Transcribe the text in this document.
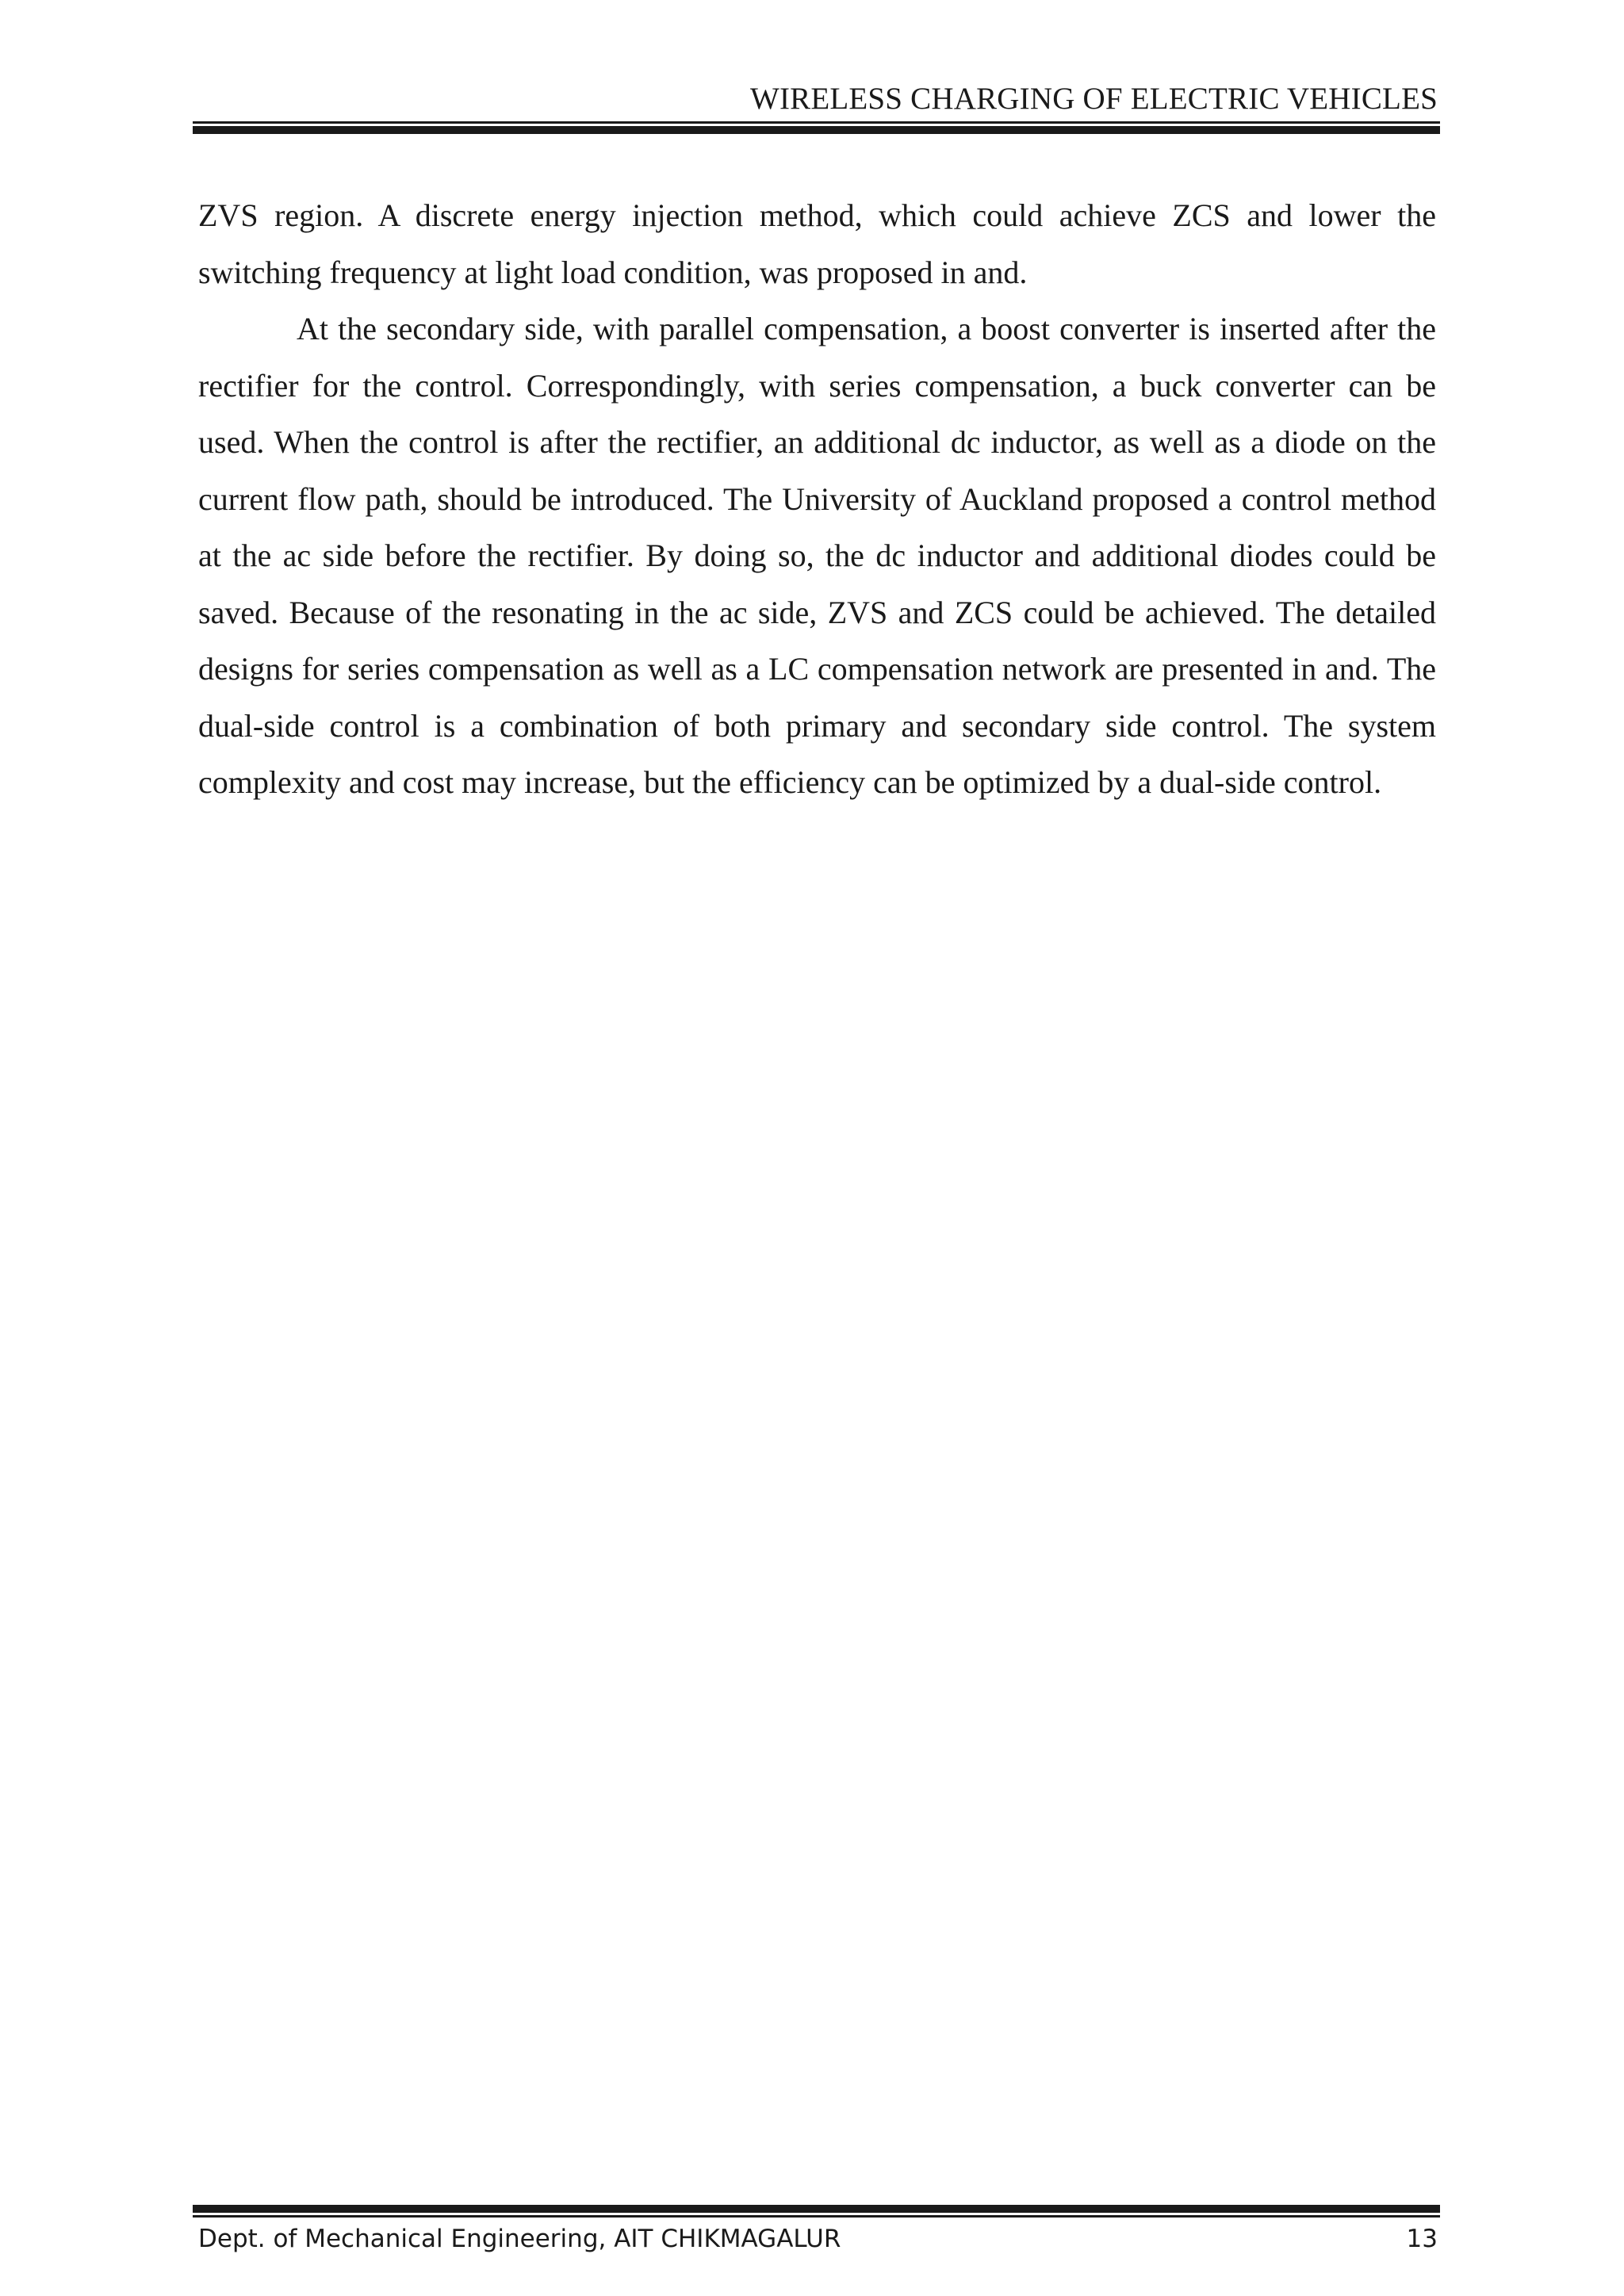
WIRELESS CHARGING OF ELECTRIC VEHICLES

ZVS region. A discrete energy injection method, which could achieve ZCS and lower the switching frequency at light load condition, was proposed in and.

At the secondary side, with parallel compensation, a boost converter is inserted after the rectifier for the control. Correspondingly, with series compensation, a buck converter can be used. When the control is after the rectifier, an additional dc inductor, as well as a diode on the current flow path, should be introduced. The University of Auckland proposed a control method at the ac side before the rectifier. By doing so, the dc inductor and additional diodes could be saved. Because of the resonating in the ac side, ZVS and ZCS could be achieved. The detailed designs for series compensation as well as a LC compensation network are presented in and. The dual-side control is a combination of both primary and secondary side control. The system complexity and cost may increase, but the efficiency can be optimized by a dual-side control.

Dept. of Mechanical Engineering, AIT CHIKMAGALUR	13
